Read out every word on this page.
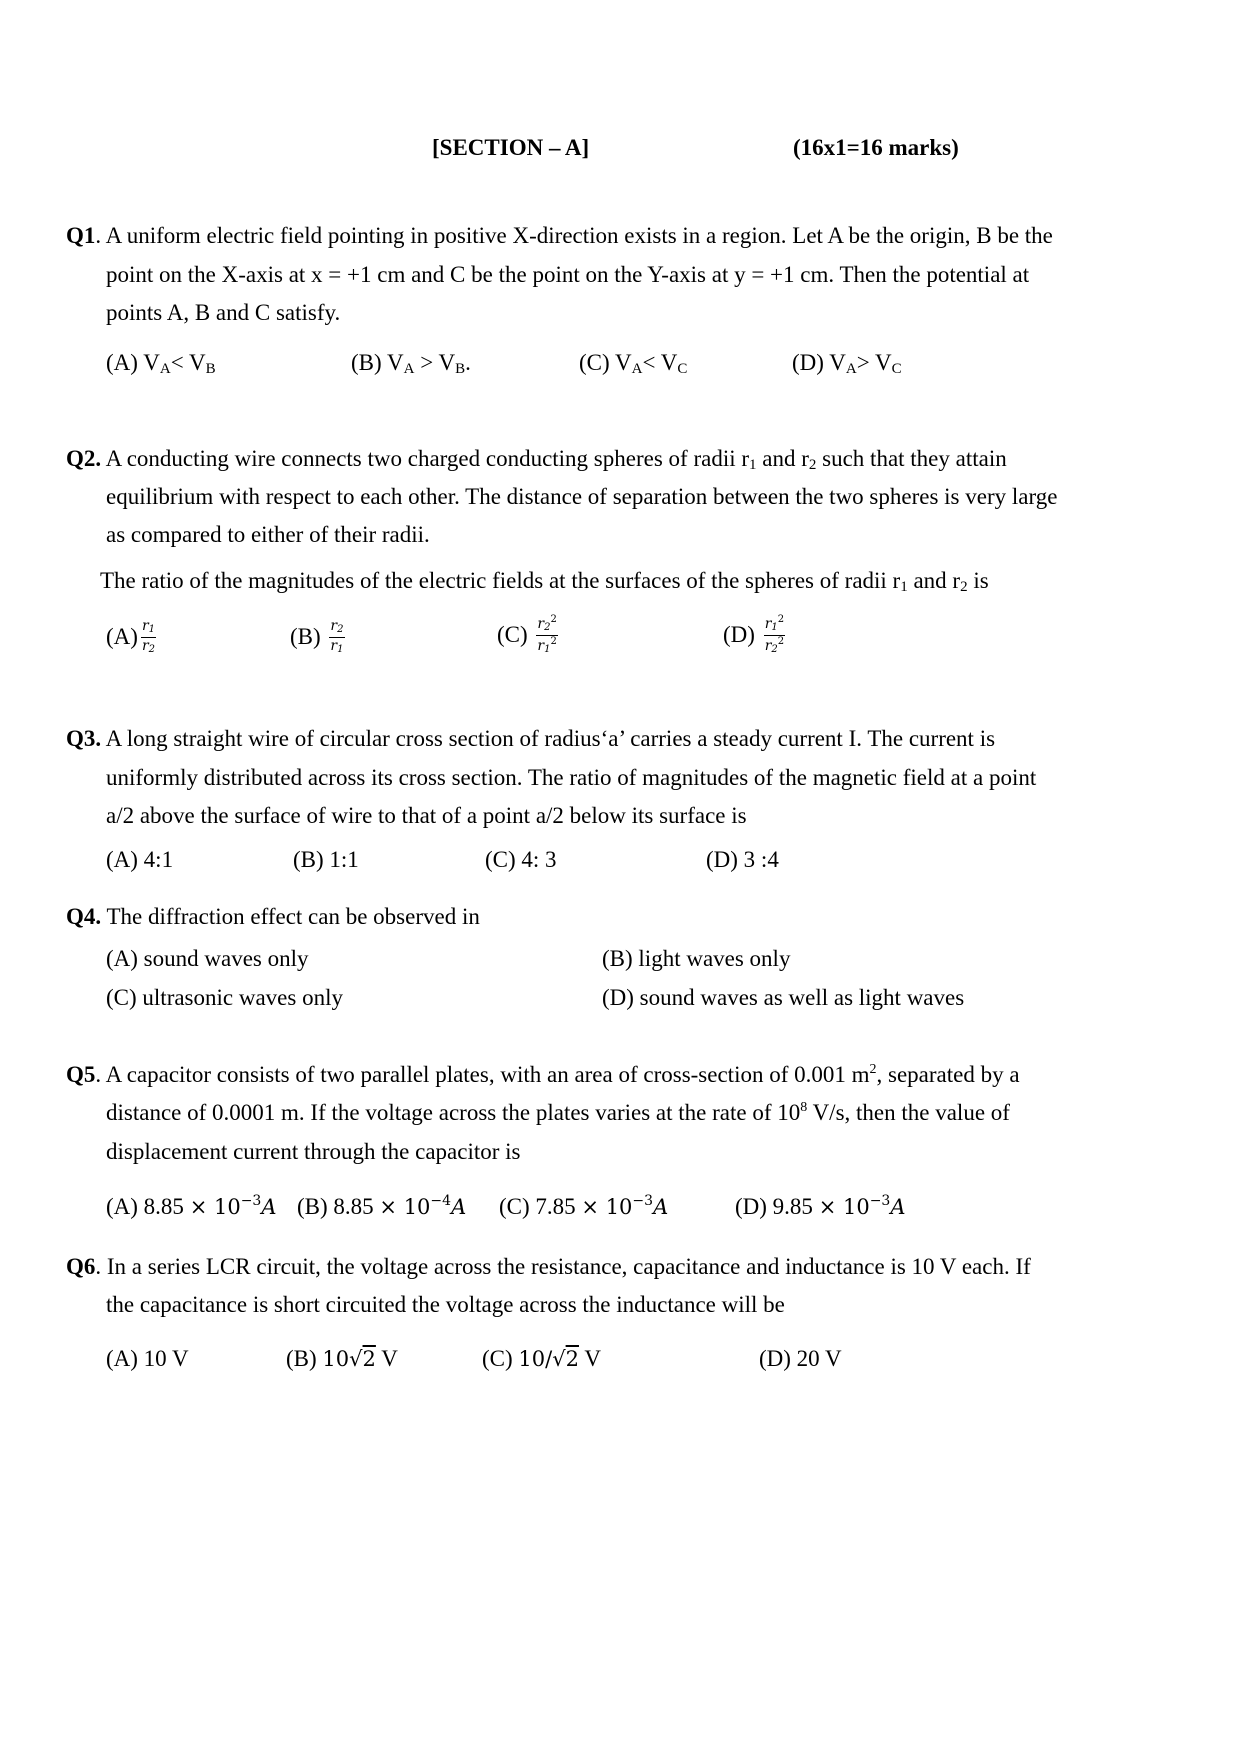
[SECTION – A]	(16x1=16 marks)
Q1. A uniform electric field pointing in positive X-direction exists in a region. Let A be the origin, B be the
point on the X-axis at x = +1 cm and C be the point on the Y-axis at y = +1 cm. Then the potential at
points A, B and C satisfy.
(A) $V_A< V_B$	(B) $V_A > V_B$.	(C) $V_A< V_C$	(D) $V_A> V_C$
Q2. A conducting wire connects two charged conducting spheres of radii $r_1$ and $r_2$ such that they attain
equilibrium with respect to each other. The distance of separation between the two spheres is very large
as compared to either of their radii.
The ratio of the magnitudes of the electric fields at the surfaces of the spheres of radii $r_1$ and $r_2$ is
$(A) \frac{r1}{r2}$	$(B) \frac{r2}{r1}$	$(C) \frac{r2^2}{r1^2}$	$(D) \frac{r1^2}{r2^2}$
Q3. A long straight wire of circular cross section of radius‘a’ carries a steady current I. The current is
uniformly distributed across its cross section. The ratio of magnitudes of the magnetic field at a point
a/2 above the surface of wire to that of a point a/2 below its surface is
(A) 4:1	(B) 1:1	(C) 4: 3	(D) 3 :4
Q4. The diffraction effect can be observed in
(A) sound waves only	(B) light waves only
(C) ultrasonic waves only	(D) sound waves as well as light waves
Q5. A capacitor consists of two parallel plates, with an area of cross-section of 0.001 $m^2$, separated by a
distance of 0.0001 m. If the voltage across the plates varies at the rate of $10^8$ V/s, then the value of
displacement current through the capacitor is
(A) $8.85 \times 10^{-3}A$ (B) $8.85 \times 10^{-4}A$ (C) $7.85 \times 10^{-3}A$	(D) $9.85 \times 10^{-3}A$
Q6. In a series LCR circuit, the voltage across the resistance, capacitance and inductance is 10 V each. If
the capacitance is short circuited the voltage across the inductance will be
(A) 10 V	(B) 10√2 V	(C) 10/√2 V	(D) 20 V
